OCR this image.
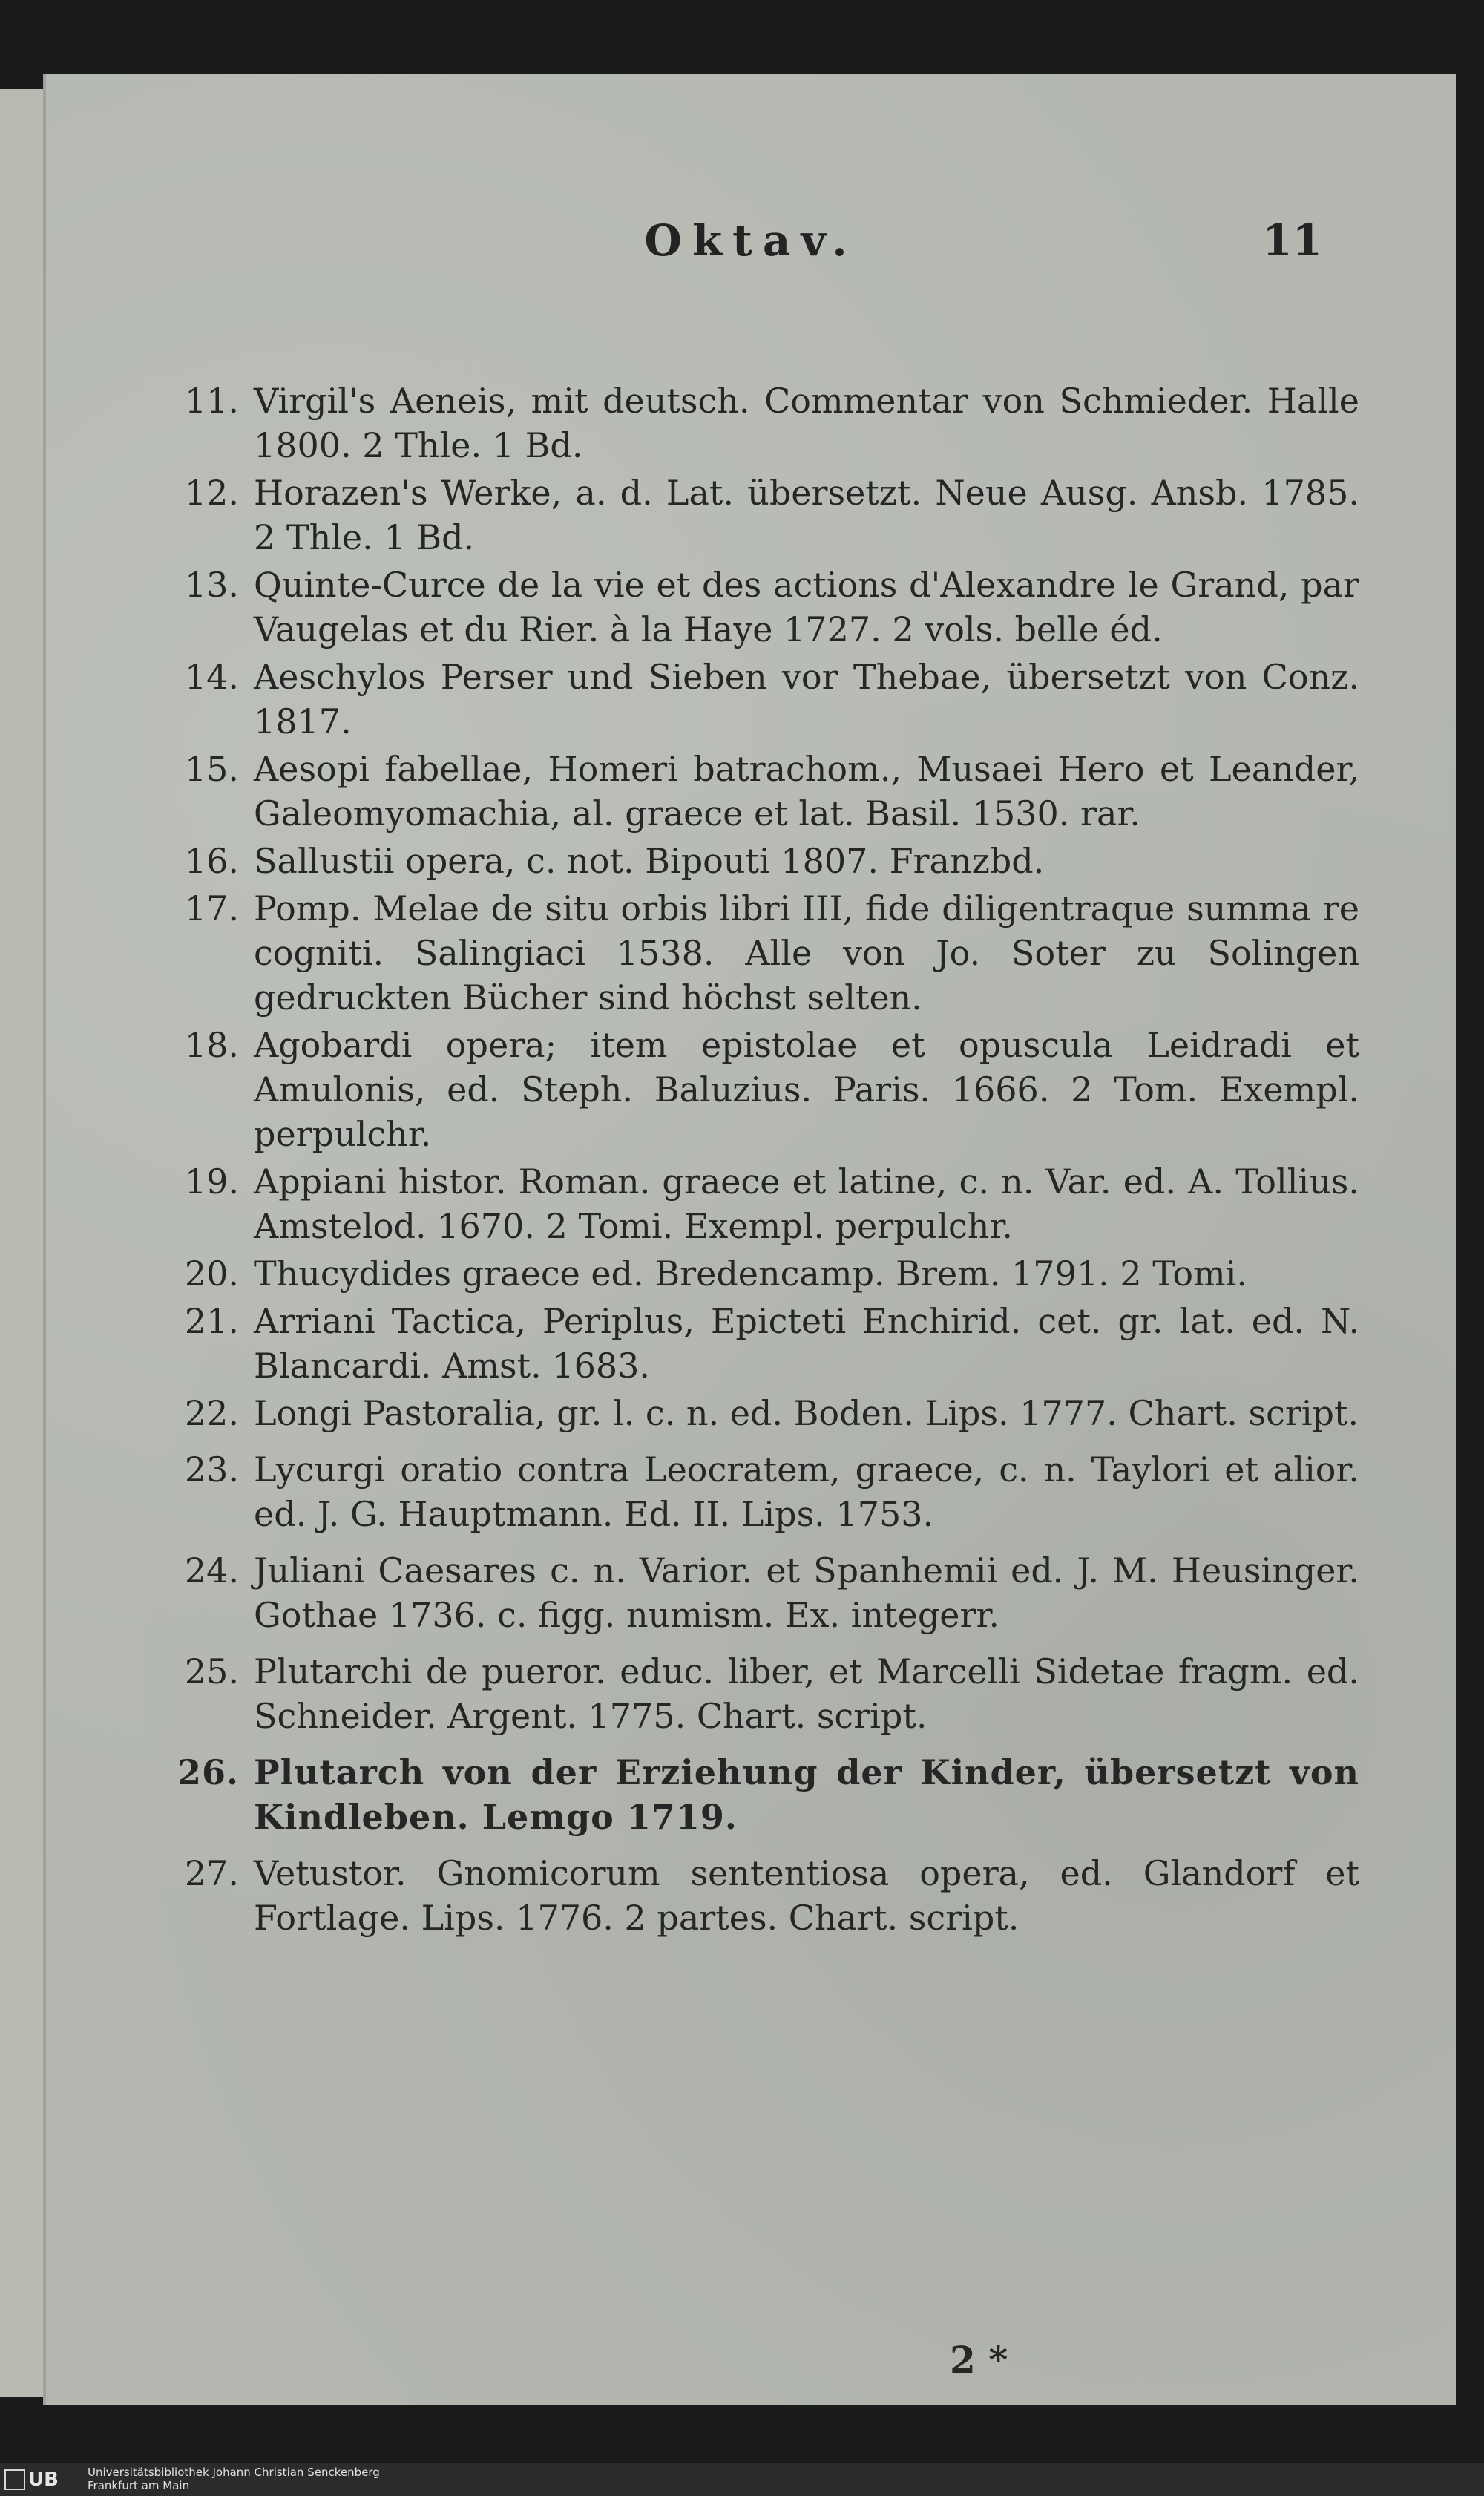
Oktav.	11
11. Virgil's Aeneis, mit deutsch. Commentar von Schmieder. Halle 1800. 2 Thle. 1 Bd.
12. Horazen's Werke, a. d. Lat. übersetzt. Neue Ausg. Ansb. 1785. 2 Thle. 1 Bd.
13. Quinte-Curce de la vie et des actions d'Alexandre le Grand, par Vaugelas et du Rier. à la Haye 1727. 2 vols. belle éd.
14. Aeschylos Perser und Sieben vor Thebae, übersetzt von Conz. 1817.
15. Aesopi fabellae, Homeri batrachom., Musaei Hero et Leander, Galeomyomachia, al. graece et lat. Basil. 1530. rar.
16. Sallustii opera, c. not. Bipouti 1807. Franzbd.
17. Pomp. Melae de situ orbis libri III, fide diligentraque summa re cogniti. Salingiaci 1538. Alle von Jo. Soter zu Solingen gedruckten Bücher sind höchst selten.
18. Agobardi opera; item epistolae et opuscula Leidradi et Amulonis, ed. Steph. Baluzius. Paris. 1666. 2 Tom. Exempl. perpulchr.
19. Appiani histor. Roman. graece et latine, c. n. Var. ed. A. Tollius. Amstelod. 1670. 2 Tomi. Exempl. perpulchr.
20. Thucydides graece ed. Bredencamp. Brem. 1791. 2 Tomi.
21. Arriani Tactica, Periplus, Epicteti Enchirid. cet. gr. lat. ed. N. Blancardi. Amst. 1683.
22. Longi Pastoralia, gr. l. c. n. ed. Boden. Lips. 1777. Chart. script.
23. Lycurgi oratio contra Leocratem, graece, c. n. Taylori et alior. ed. J. G. Hauptmann. Ed. II. Lips. 1753.
24. Juliani Caesares c. n. Varior. et Spanhemii ed. J. M. Heusinger. Gothae 1736. c. figg. numism. Ex. integerr.
25. Plutarchi de pueror. educ. liber, et Marcelli Sidetae fragm. ed. Schneider. Argent. 1775. Chart. script.
26. Plutarch von der Erziehung der Kinder, übersetzt von Kindleben. Lemgo 1719.
27. Vetustor. Gnomicorum sententiosa opera, ed. Glandorf et Fortlage. Lips. 1776. 2 partes. Chart. script.
2 *
UB	Universitätsbibliothek Johann Christian Senckenberg
Frankfurt am Main
